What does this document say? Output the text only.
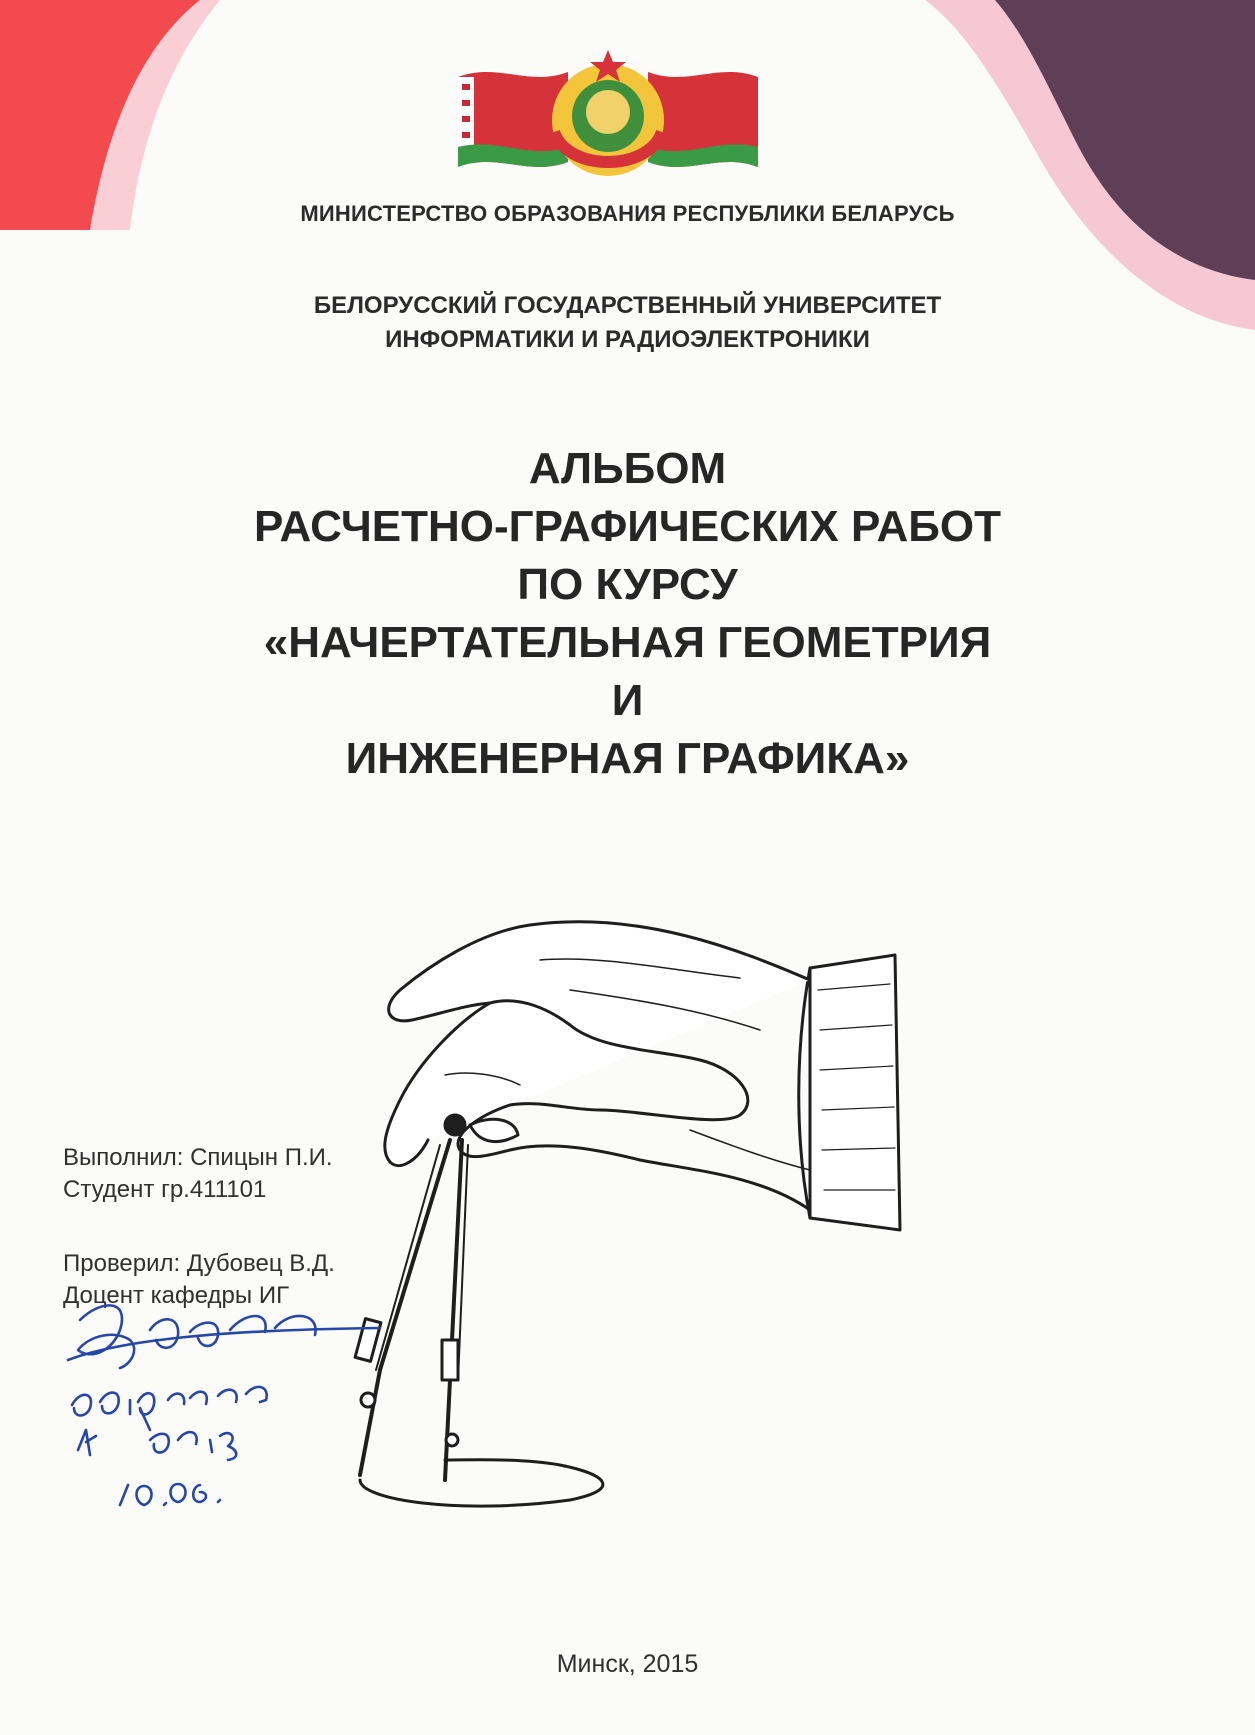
МИНИСТЕРСТВО ОБРАЗОВАНИЯ РЕСПУБЛИКИ БЕЛАРУСЬ
БЕЛОРУССКИЙ ГОСУДАРСТВЕННЫЙ УНИВЕРСИТЕТ
ИНФОРМАТИКИ И РАДИОЭЛЕКТРОНИКИ
АЛЬБОМ
РАСЧЕТНО-ГРАФИЧЕСКИХ РАБОТ
ПО КУРСУ
«НАЧЕРТАТЕЛЬНАЯ ГЕОМЕТРИЯ
И
ИНЖЕНЕРНАЯ ГРАФИКА»
Выполнил: Спицын П.И.
Студент гр.411101
Проверил: Дубовец В.Д.
Доцент кафедры ИГ
Минск, 2015
